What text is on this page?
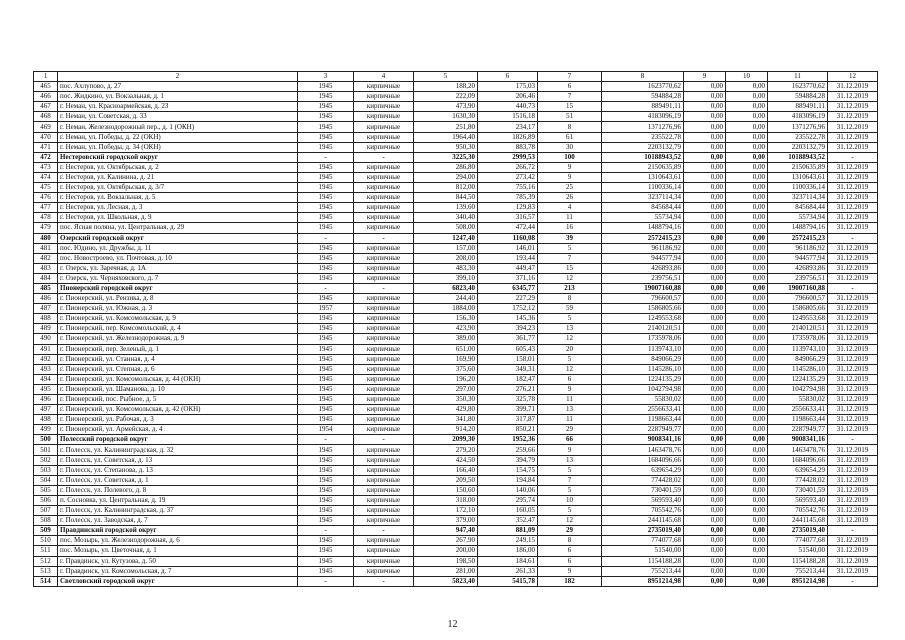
1	2	3	4	5	6	7	8	9	10	11	12
465	пос. Ахлупово, д. 27	1945	кирпичные	188,20	175,03	6	1623770,62	0,00	0,00	1623770,62	31.12.2019
466	пос. Жидкино, ул. Вокзальная, д. 1	1945	кирпичные	222,09	206,46	7	594884,28	0,00	0,00	594884,28	31.12.2019
467	г. Неман, ул. Красноармейская, д. 23	1945	кирпичные	473,90	440,73	15	889491,11	0,00	0,00	889491,11	31.12.2019
468	г. Неман, ул. Советская, д. 33	1945	кирпичные	1630,30	1516,18	51	4183096,19	0,00	0,00	4183096,19	31.12.2019
469	г. Неман, Железнодорожный пер., д. 1 (ОКН)	1945	кирпичные	251,80	234,17	8	1371276,96	0,00	0,00	1371276,96	31.12.2019
470	г. Неман, ул. Победы, д. 22 (ОКН)	1945	кирпичные	1964,40	1826,89	61	235522,78	0,00	0,00	235522,78	31.12.2019
471	г. Неман, ул. Победы, д. 34 (ОКН)	1945	кирпичные	950,30	883,78	30	2203132,79	0,00	0,00	2203132,79	31.12.2019
472	Нестеровский городской округ	-	-	3225,30	2999,53	100	10188943,52	0,00	0,00	10188943,52	-
473	г. Нестеров, ул. Октябрьская, д. 2	1945	кирпичные	286,80	266,72	9	2150635,89	0,00	0,00	2150635,89	31.12.2019
474	г. Нестеров, ул. Калинина, д. 21	1945	кирпичные	294,00	273,42	9	1310643,61	0,00	0,00	1310643,61	31.12.2019
475	г. Нестеров, ул. Октябрьская, д. 3/7	1945	кирпичные	812,00	755,16	25	1100336,14	0,00	0,00	1100336,14	31.12.2019
476	г. Нестеров, ул. Вокзальная, д. 5	1945	кирпичные	844,50	785,39	26	3237114,34	0,00	0,00	3237114,34	31.12.2019
477	г. Нестеров, ул. Лесная, д. 3	1945	кирпичные	139,60	129,83	4	845684,44	0,00	0,00	845684,44	31.12.2019
478	г. Нестеров, ул. Школьная, д. 9	1945	кирпичные	340,40	316,57	11	55734,94	0,00	0,00	55734,94	31.12.2019
479	пос. Ясная поляна, ул. Центральная, д. 29	1945	кирпичные	508,00	472,44	16	1488794,16	0,00	0,00	1488794,16	31.12.2019
480	Озерский городской округ	-	-	1247,40	1160,08	39	2572415,23	0,00	0,00	2572415,23	-
481	пос. Юдино, ул. Дружбы, д. 11	1945	кирпичные	157,00	146,01	5	961186,92	0,00	0,00	961186,92	31.12.2019
482	пос. Новостроево, ул. Почтовая, д. 10	1945	кирпичные	208,00	193,44	7	944577,94	0,00	0,00	944577,94	31.12.2019
483	г. Озерск, ул. Заречная, д. 1А	1945	кирпичные	483,30	449,47	15	426893,86	0,00	0,00	426893,86	31.12.2019
484	г. Озерск, ул. Черняховского, д. 7	1945	кирпичные	399,10	371,16	12	239756,51	0,00	0,00	239756,51	31.12.2019
485	Пионерский городской округ	-	-	6823,40	6345,77	213	19007160,88	0,00	0,00	19007160,88	-
486	г. Пионерский, ул. Рензика, д. 8	1945	кирпичные	244,40	227,29	8	796600,57	0,00	0,00	796600,57	31.12.2019
487	г. Пионерский, ул. Южная, д. 3	1957	кирпичные	1884,00	1752,12	59	1586805,66	0,00	0,00	1586805,66	31.12.2019
488	г. Пионерский, ул. Комсомольская, д. 9	1945	кирпичные	156,30	145,36	5	1249553,68	0,00	0,00	1249553,68	31.12.2019
489	г. Пионерский, пер. Комсомольский, д. 4	1945	кирпичные	423,90	394,23	13	2140120,51	0,00	0,00	2140120,51	31.12.2019
490	г. Пионерский, ул. Железнодорожная, д. 9	1945	кирпичные	389,00	361,77	12	1735978,06	0,00	0,00	1735978,06	31.12.2019
491	г. Пионерский, пер. Зеленый, д. 1	1945	кирпичные	651,00	605,43	20	1139743,10	0,00	0,00	1139743,10	31.12.2019
492	г. Пионерский, ул. Станная, д. 4	1945	кирпичные	169,90	158,01	5	849066,29	0,00	0,00	849066,29	31.12.2019
493	г. Пионерский, ул. Степная, д. 6	1945	кирпичные	375,60	349,31	12	1145286,10	0,00	0,00	1145286,10	31.12.2019
494	г. Пионерский, ул. Комсомольская, д. 44 (ОКН)	1945	кирпичные	196,20	182,47	6	1224135,29	0,00	0,00	1224135,29	31.12.2019
495	г. Пионерский, ул. Шаманова, д. 10	1945	кирпичные	297,00	276,21	9	1042794,98	0,00	0,00	1042794,98	31.12.2019
496	г. Пионерский, пос. Рыбное, д. 5	1945	кирпичные	350,30	325,78	11	55830,02	0,00	0,00	55830,02	31.12.2019
497	г. Пионерский, ул. Комсомольская, д. 42 (ОКН)	1945	кирпичные	429,80	399,71	13	2556633,41	0,00	0,00	2556633,41	31.12.2019
498	г. Пионерский, ул. Рабочая, д. 3	1945	кирпичные	341,80	317,87	11	1198663,44	0,00	0,00	1198663,44	31.12.2019
499	г. Пионерский, ул. Армейская, д. 4	1954	кирпичные	914,20	850,21	29	2287949,77	0,00	0,00	2287949,77	31.12.2019
500	Полесский городской округ	-	-	2099,30	1952,36	66	9008341,16	0,00	0,00	9008341,16	-
501	г. Полесск, ул. Калининградская, д. 32	1945	кирпичные	279,20	259,66	9	1463478,76	0,00	0,00	1463478,76	31.12.2019
502	г. Полесск, ул. Советская, д. 13	1945	кирпичные	424,50	394,79	13	1684096,66	0,00	0,00	1684096,66	31.12.2019
503	г. Полесск, ул. Степанова, д. 13	1945	кирпичные	166,40	154,75	5	639654,29	0,00	0,00	639654,29	31.12.2019
504	г. Полесск, ул. Советская, д. 1	1945	кирпичные	209,50	194,84	7	774428,02	0,00	0,00	774428,02	31.12.2019
505	г. Полесск, ул. Полевого, д. 8	1945	кирпичные	150,60	140,06	5	730401,59	0,00	0,00	730401,59	31.12.2019
506	п. Сосновка, ул. Центральная, д. 19	1945	кирпичные	318,00	295,74	10	569593,40	0,00	0,00	569593,40	31.12.2019
507	г. Полесск, ул. Калининградская, д. 37	1945	кирпичные	172,10	160,05	5	705542,76	0,00	0,00	705542,76	31.12.2019
508	г. Полесск, ул. Заводская, д. 7	1945	кирпичные	379,00	352,47	12	2441145,68	0,00	0,00	2441145,68	31.12.2019
509	Правдинский городской округ	-	-	947,40	881,09	29	2735019,40	0,00	0,00	2735019,40	-
510	пос. Мозырь, ул. Железнодорожная, д. 6	1945	кирпичные	267,90	249,15	8	774077,68	0,00	0,00	774077,68	31.12.2019
511	пос. Мозырь, ул. Цветочная, д. 1	1945	кирпичные	200,00	186,00	6	51540,00	0,00	0,00	51540,00	31.12.2019
512	г. Правдинск, ул. Кутузова, д. 50	1945	кирпичные	198,50	184,61	6	1154188,28	0,00	0,00	1154188,28	31.12.2019
513	г. Правдинск, ул. Комсомольская, д. 7	1945	кирпичные	281,00	261,33	9	755213,44	0,00	0,00	755213,44	31.12.2019
514	Светловский городской округ	-	-	5823,40	5415,78	182	8951214,98	0,00	0,00	8951214,98	-
12
